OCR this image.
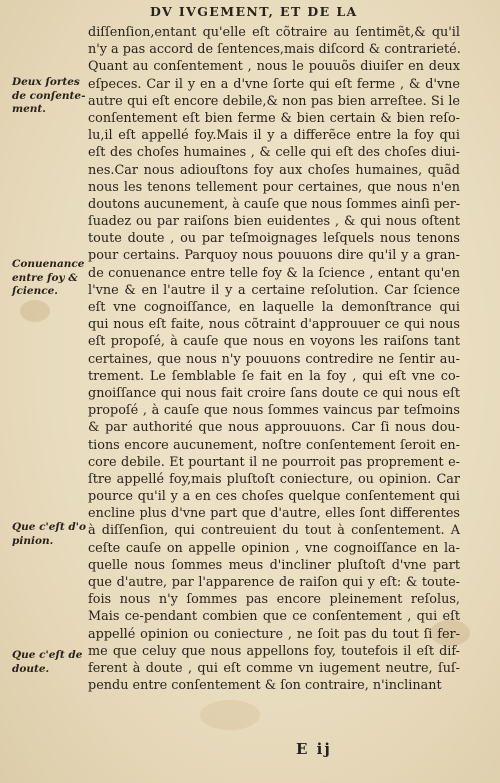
DV IVGEMENT, ET DE LA
diſſenſion,entant qu'elle eſt cõtraire au ſentimẽt,& qu'il
n'y a pas accord de ſentences,mais diſcord & contrarieté.
Quant au conſentement , nous le pouuõs diuiſer en deux
eſpeces. Car il y en a d'vne ſorte qui eſt ferme , & d'vne
autre qui eſt encore debile,& non pas bien arreſtee. Si le
conſentement eſt bien ferme & bien certain & bien reſo-
lu,il eſt appellé foy.Mais il y a differẽce entre la foy qui
eſt des choſes humaines , & celle qui eſt des choſes diui-
nes.Car nous adiouſtons foy aux choſes humaines, quãd
nous les tenons tellement pour certaines, que nous n'en
doutons aucunement, à cauſe que nous ſommes ainſi per-
ſuadez ou par raiſons bien euidentes , & qui nous oſtent
toute doute , ou par teſmoignages leſquels nous tenons
pour certains. Parquoy nous pouuons dire qu'il y a gran-
de conuenance entre telle foy & la ſcience , entant qu'en
l'vne & en l'autre il y a certaine reſolution. Car ſcience
eſt vne cognoiſſance, en laquelle la demonſtrance qui
qui nous eſt faite, nous cõtraint d'approuuer ce qui nous
eſt propoſé, à cauſe que nous en voyons les raiſons tant
certaines, que nous n'y pouuons contredire ne ſentir au-
trement. Le ſemblable ſe fait en la foy , qui eſt vne co-
gnoiſſance qui nous fait croire ſans doute ce qui nous eſt
propoſé , à cauſe que nous ſommes vaincus par teſmoins
& par authorité que nous approuuons. Car ſi nous dou-
tions encore aucunement, noſtre conſentement ſeroit en-
core debile. Et pourtant il ne pourroit pas proprement e-
ſtre appellé foy,mais pluſtoſt coniecture, ou opinion. Car
pource qu'il y a en ces choſes quelque conſentement qui
encline plus d'vne part que d'autre, elles ſont differentes
à diſſenſion, qui contreuient du tout à conſentement. A
ceſte cauſe on appelle opinion , vne cognoiſſance en la-
quelle nous ſommes meus d'incliner pluſtoſt d'vne part
que d'autre, par l'apparence de raiſon qui y eſt: & toute-
fois nous n'y ſommes pas encore pleinement reſolus,
Mais ce-pendant combien que ce conſentement , qui eſt
appellé opinion ou coniecture , ne ſoit pas du tout ſi fer-
me que celuy que nous appellons foy, toutefois il eſt dif-
ferent à doute , qui eſt comme vn iugement neutre, ſuſ-
pendu entre conſentement & ſon contraire, n'inclinant
Deux ſortes
de conſente-
ment.
Conuenance
entre foy &
ſcience.
Que c'eſt d'o
pinion.
Que c'eſt de
doute.
E ij
